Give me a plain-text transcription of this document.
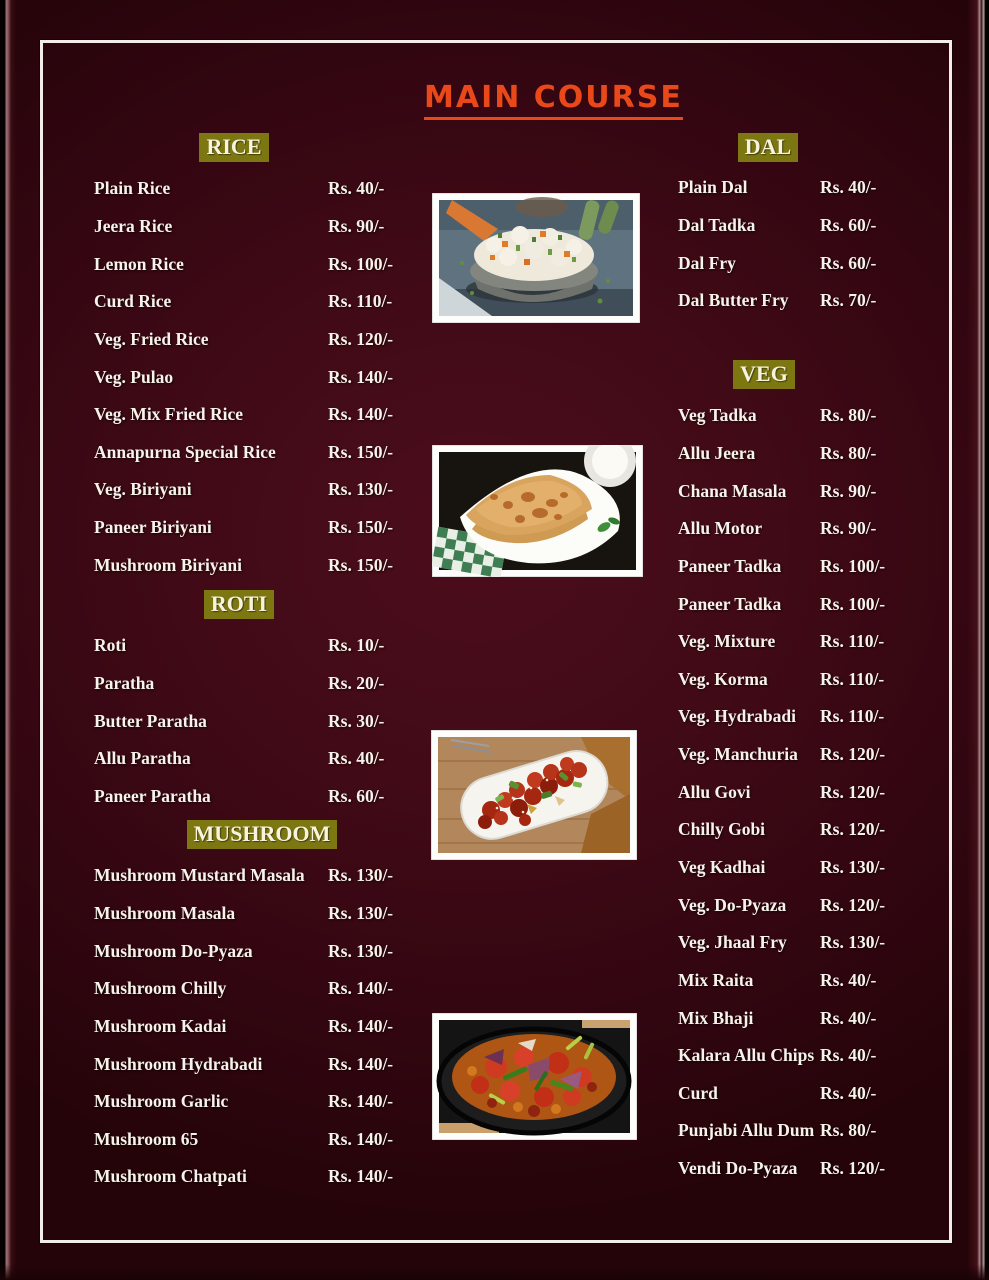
MAIN COURSE
RICE
Plain Rice	Rs. 40/-
Jeera Rice	Rs. 90/-
Lemon Rice	Rs. 100/-
Curd Rice	Rs. 110/-
Veg. Fried Rice	Rs. 120/-
Veg. Pulao	Rs. 140/-
Veg. Mix Fried Rice	Rs. 140/-
Annapurna Special Rice	Rs. 150/-
Veg. Biriyani	Rs. 130/-
Paneer Biriyani	Rs. 150/-
Mushroom Biriyani	Rs. 150/-
ROTI
Roti	Rs. 10/-
Paratha	Rs. 20/-
Butter Paratha	Rs. 30/-
Allu Paratha	Rs. 40/-
Paneer Paratha	Rs. 60/-
MUSHROOM
Mushroom Mustard Masala	Rs. 130/-
Mushroom Masala	Rs. 130/-
Mushroom Do-Pyaza	Rs. 130/-
Mushroom Chilly	Rs. 140/-
Mushroom Kadai	Rs. 140/-
Mushroom Hydrabadi	Rs. 140/-
Mushroom Garlic	Rs. 140/-
Mushroom 65	Rs. 140/-
Mushroom Chatpati	Rs. 140/-
DAL
Plain Dal	Rs. 40/-
Dal Tadka	Rs. 60/-
Dal Fry	Rs. 60/-
Dal Butter Fry	Rs. 70/-
VEG
Veg Tadka	Rs. 80/-
Allu Jeera	Rs. 80/-
Chana Masala	Rs. 90/-
Allu Motor	Rs. 90/-
Paneer Tadka	Rs. 100/-
Paneer Tadka	Rs. 100/-
Veg. Mixture	Rs. 110/-
Veg. Korma	Rs. 110/-
Veg. Hydrabadi	Rs. 110/-
Veg. Manchuria	Rs. 120/-
Allu Govi	Rs. 120/-
Chilly Gobi	Rs. 120/-
Veg Kadhai	Rs. 130/-
Veg. Do-Pyaza	Rs. 120/-
Veg. Jhaal Fry	Rs. 130/-
Mix Raita	Rs. 40/-
Mix Bhaji	Rs. 40/-
Kalara Allu Chips Rs. 40/-
Curd	Rs. 40/-
Punjabi Allu Dum Rs. 80/-
Vendi Do-Pyaza	Rs. 120/-
